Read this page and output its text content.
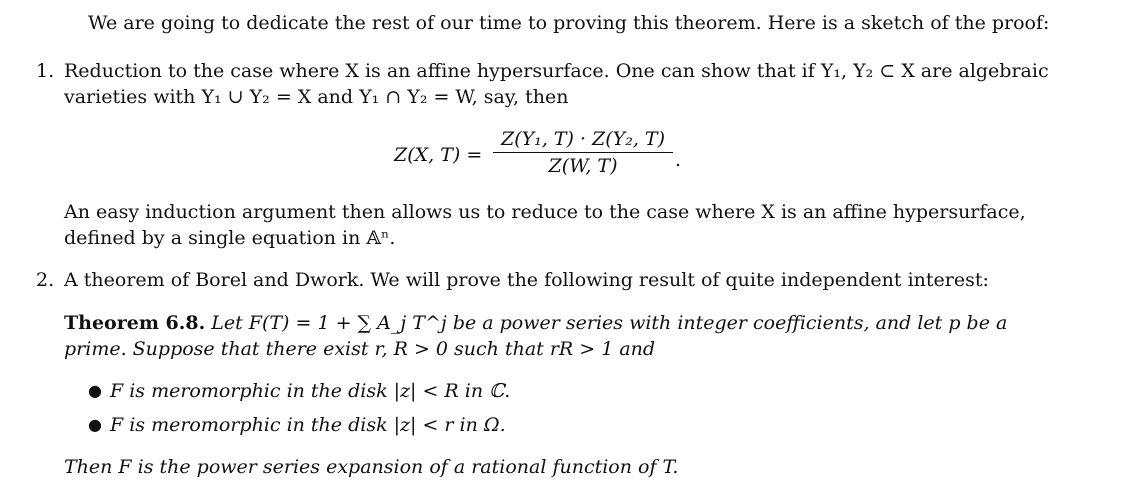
We are going to dedicate the rest of our time to proving this theorem. Here is a sketch of the proof:
1. Reduction to the case where X is an affine hypersurface. One can show that if Y₁, Y₂ ⊂ X are algebraic
varieties with Y₁ ∪ Y₂ = X and Y₁ ∩ Y₂ = W, say, then
Z(X, T) =
Z(Y₁, T) · Z(Y₂, T)
Z(W, T)	.
An easy induction argument then allows us to reduce to the case where X is an affine hypersurface,
defined by a single equation in 𝔸ⁿ.
2. A theorem of Borel and Dwork. We will prove the following result of quite independent interest:
Theorem 6.8. Let F(T) = 1 + ∑ A_j T^j be a power series with integer coefficients, and let p be a
prime. Suppose that there exist r, R > 0 such that rR > 1 and
● F is meromorphic in the disk |z| < R in ℂ.
● F is meromorphic in the disk |z| < r in Ω.
Then F is the power series expansion of a rational function of T.
